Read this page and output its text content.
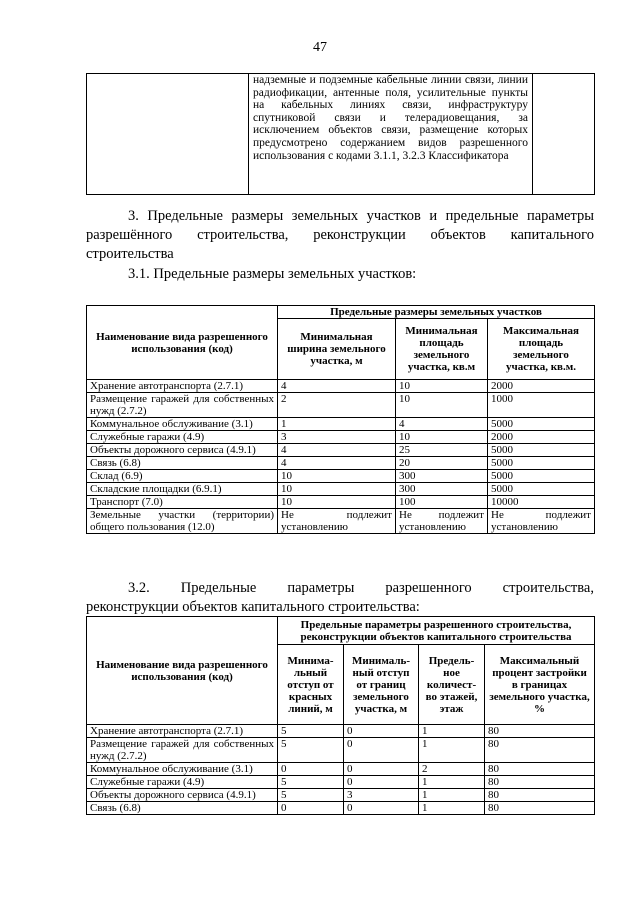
47
	надземные и подземные кабельные линии связи, линии радиофикации, антенные поля, усилительные пункты на кабельных линиях связи, инфраструктуру спутниковой связи и телерадиовещания, за исключением объектов связи, размещение которых предусмотрено содержанием видов разрешенного использования с кодами 3.1.1, 3.2.3 Классификатора	

3. Предельные размеры земельных участков и предельные параметры разрешённого строительства, реконструкции объектов капитального строительства

3.1. Предельные размеры земельных участков:

Наименование вида разрешенного использования (код)	Предельные размеры земельных участков		
	Минимальная ширина земельного участка, м	Минимальная площадь земельного участка, кв.м	Максимальная площадь земельного участка, кв.м.
Хранение автотранспорта (2.7.1)	4	10	2000
Размещение гаражей для собственных нужд (2.7.2)	2	10	1000
Коммунальное обслуживание (3.1)	1	4	5000
Служебные гаражи (4.9)	3	10	2000
Объекты дорожного сервиса (4.9.1)	4	25	5000
Связь (6.8)	4	20	5000
Склад (6.9)	10	300	5000
Складские площадки (6.9.1)	10	300	5000
Транспорт (7.0)	10	100	10000
Земельные участки (территории) общего пользования (12.0)	Не подлежит установлению	Не подлежит установлению	Не подлежит установлению

3.2. Предельные параметры разрешенного строительства,

реконструкции объектов капитального строительства:

Наименование вида разрешенного использования (код)	Предельные параметры разрешенного строительства, реконструкции объектов капитального строительства			
	Минима-льный отступ от красных линий, м	Минималь-ный отступ от границ земельного участка, м	Предель-ное количест-во этажей, этаж	Максимальный процент застройки в границах земельного участка, %
Хранение автотранспорта (2.7.1)	5	0	1	80
Размещение гаражей для собственных нужд (2.7.2)	5	0	1	80
Коммунальное обслуживание (3.1)	0	0	2	80
Служебные гаражи (4.9)	5	0	1	80
Объекты дорожного сервиса (4.9.1)	5	3	1	80
Связь (6.8)	0	0	1	80
